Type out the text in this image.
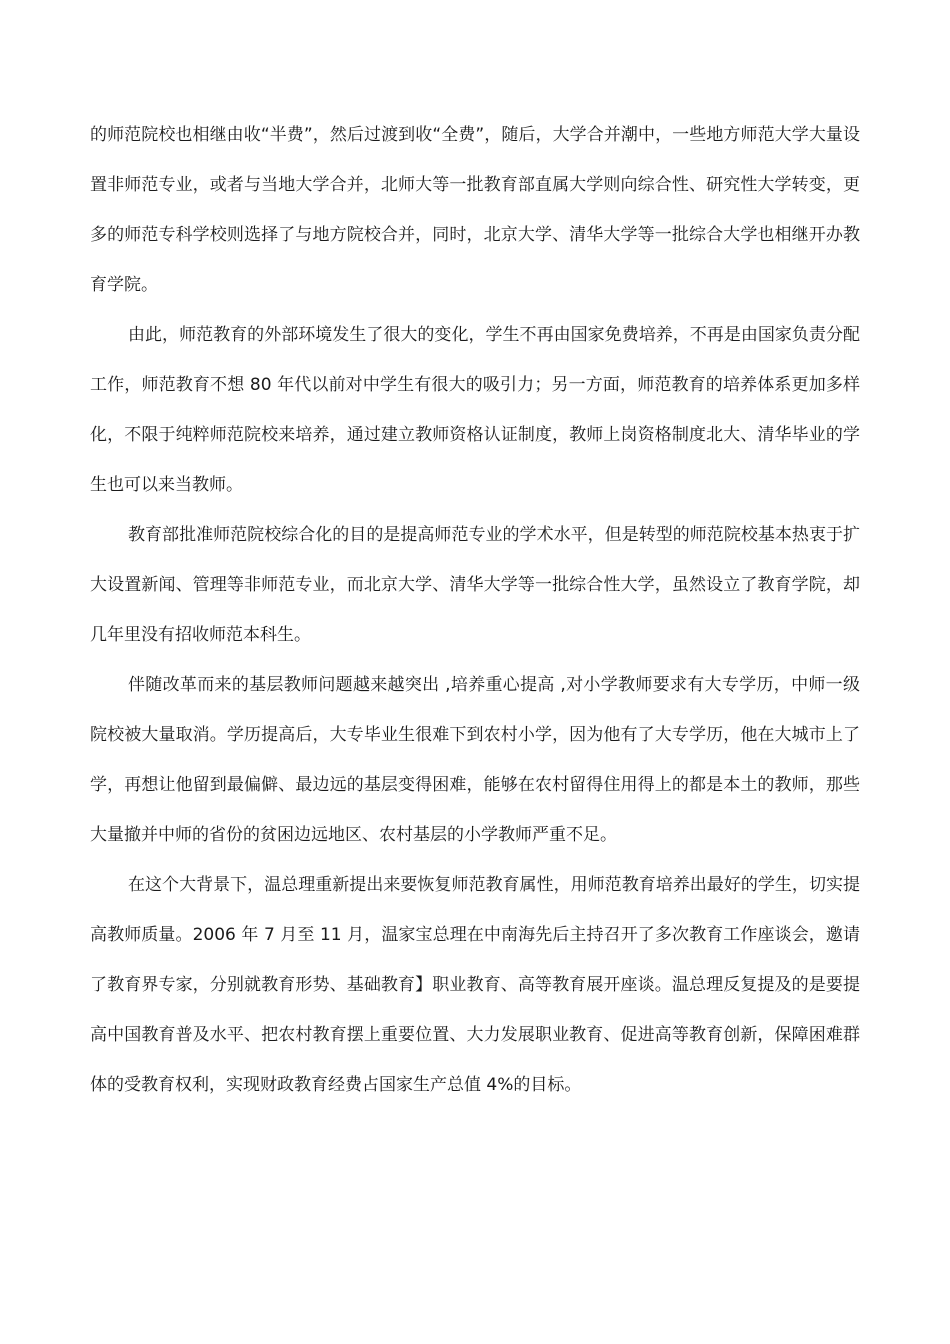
的师范院校也相继由收“半费”，然后过渡到收“全费”，随后，大学合并潮中，一些地方师范大学大量设置非师范专业，或者与当地大学合并，北师大等一批教育部直属大学则向综合性、研究性大学转变，更多的师范专科学校则选择了与地方院校合并，同时，北京大学、清华大学等一批综合大学也相继开办教育学院。

由此，师范教育的外部环境发生了很大的变化，学生不再由国家免费培养，不再是由国家负责分配工作，师范教育不想 80 年代以前对中学生有很大的吸引力；另一方面，师范教育的培养体系更加多样化，不限于纯粹师范院校来培养，通过建立教师资格认证制度，教师上岗资格制度北大、清华毕业的学生也可以来当教师。

教育部批准师范院校综合化的目的是提高师范专业的学术水平，但是转型的师范院校基本热衷于扩大设置新闻、管理等非师范专业，而北京大学、清华大学等一批综合性大学，虽然设立了教育学院，却几年里没有招收师范本科生。

伴随改革而来的基层教师问题越来越突出 ,培养重心提高 ,对小学教师要求有大专学历，中师一级院校被大量取消。学历提高后，大专毕业生很难下到农村小学，因为他有了大专学历，他在大城市上了学，再想让他留到最偏僻、最边远的基层变得困难，能够在农村留得住用得上的都是本土的教师，那些大量撤并中师的省份的贫困边远地区、农村基层的小学教师严重不足。

在这个大背景下，温总理重新提出来要恢复师范教育属性，用师范教育培养出最好的学生，切实提高教师质量。2006 年 7 月至 11 月，温家宝总理在中南海先后主持召开了多次教育工作座谈会，邀请了教育界专家，分别就教育形势、基础教育】职业教育、高等教育展开座谈。温总理反复提及的是要提高中国教育普及水平、把农村教育摆上重要位置、大力发展职业教育、促进高等教育创新，保障困难群体的受教育权利，实现财政教育经费占国家生产总值 4%的目标。
